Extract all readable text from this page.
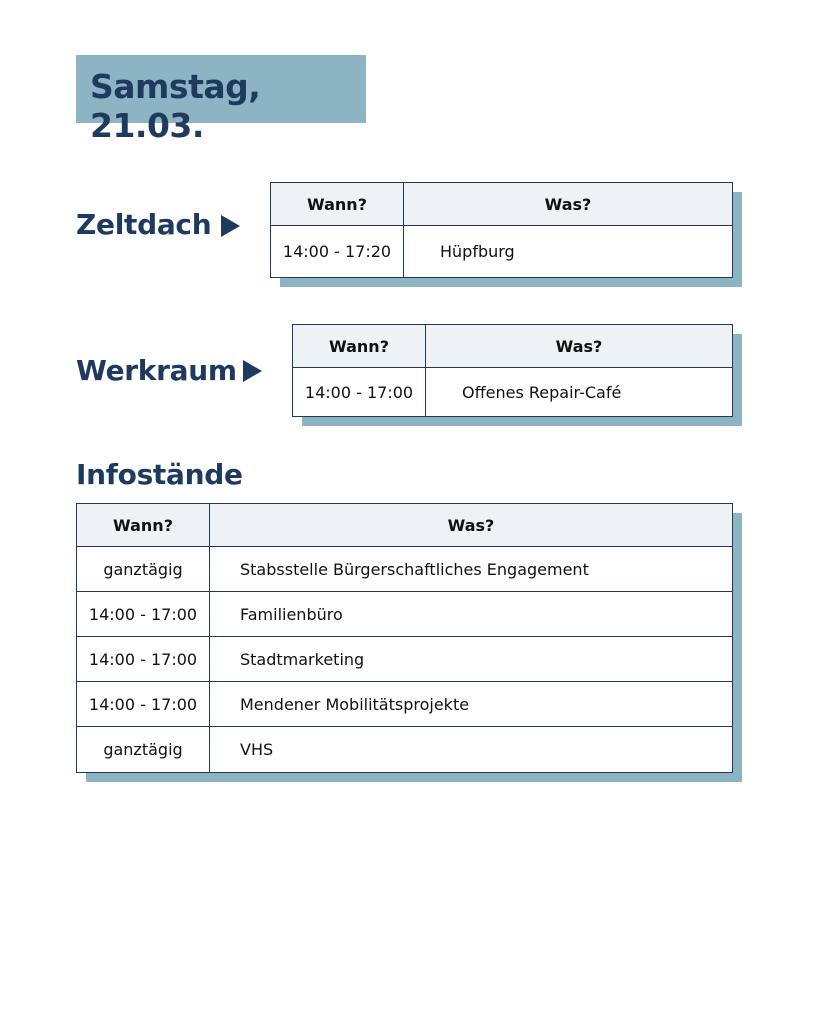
Samstag, 21.03.
Zeltdach
Wann?	Was?
14:00 - 17:20	Hüpfburg
Werkraum
Wann?	Was?
14:00 - 17:00	Offenes Repair-Café
Infostände
Wann?	Was?
ganztägig	Stabsstelle Bürgerschaftliches Engagement
14:00 - 17:00	Familienbüro
14:00 - 17:00	Stadtmarketing
14:00 - 17:00	Mendener Mobilitätsprojekte
ganztägig	VHS
